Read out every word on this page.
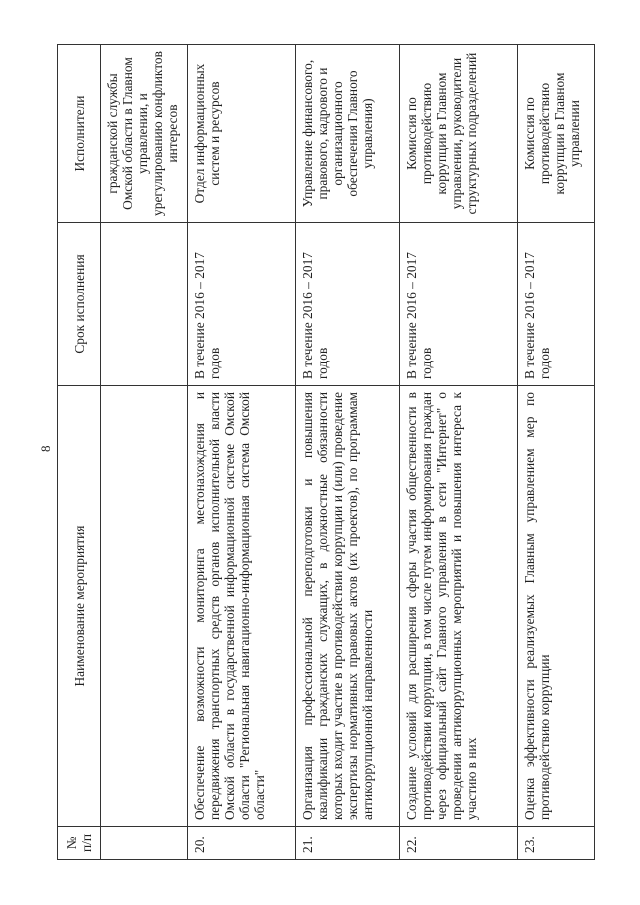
8
№
п/п	Наименование мероприятия	Срок исполнения	Исполнители
			гражданской службы Омской области в Главном управлении, и урегулированию конфликтов интересов
20.	Обеспечение возможности мониторинга местонахождения и передвижения транспортных средств органов исполнительной власти Омской области в государственной информационной системе Омской области "Региональная навигационно-информационная система Омской области"	В течение 2016 – 2017 годов	Отдел информационных систем и ресурсов
21.	Организация профессиональной переподготовки и повышения квалификации гражданских служащих, в должностные обязанности которых входит участие в противодействии коррупции и (или) проведение экспертизы нормативных правовых актов (их проектов), по программам антикоррупционной направленности	В течение 2016 – 2017 годов	Управление финансового, правового, кадрового и организационного обеспечения Главного управления)
22.	Создание условий для расширения сферы участия общественности в противодействии коррупции, в том числе путем информирования граждан через официальный сайт Главного управления в сети "Интернет" о проведении антикоррупционных мероприятий и повышения интереса к участию в них	В течение 2016 – 2017 годов	Комиссия по противодействию коррупции в Главном управлении, руководители структурных подразделений
23.	Оценка эффективности реализуемых Главным управлением мер по противодействию коррупции	В течение 2016 – 2017 годов	Комиссия по противодействию коррупции в Главном управлении
